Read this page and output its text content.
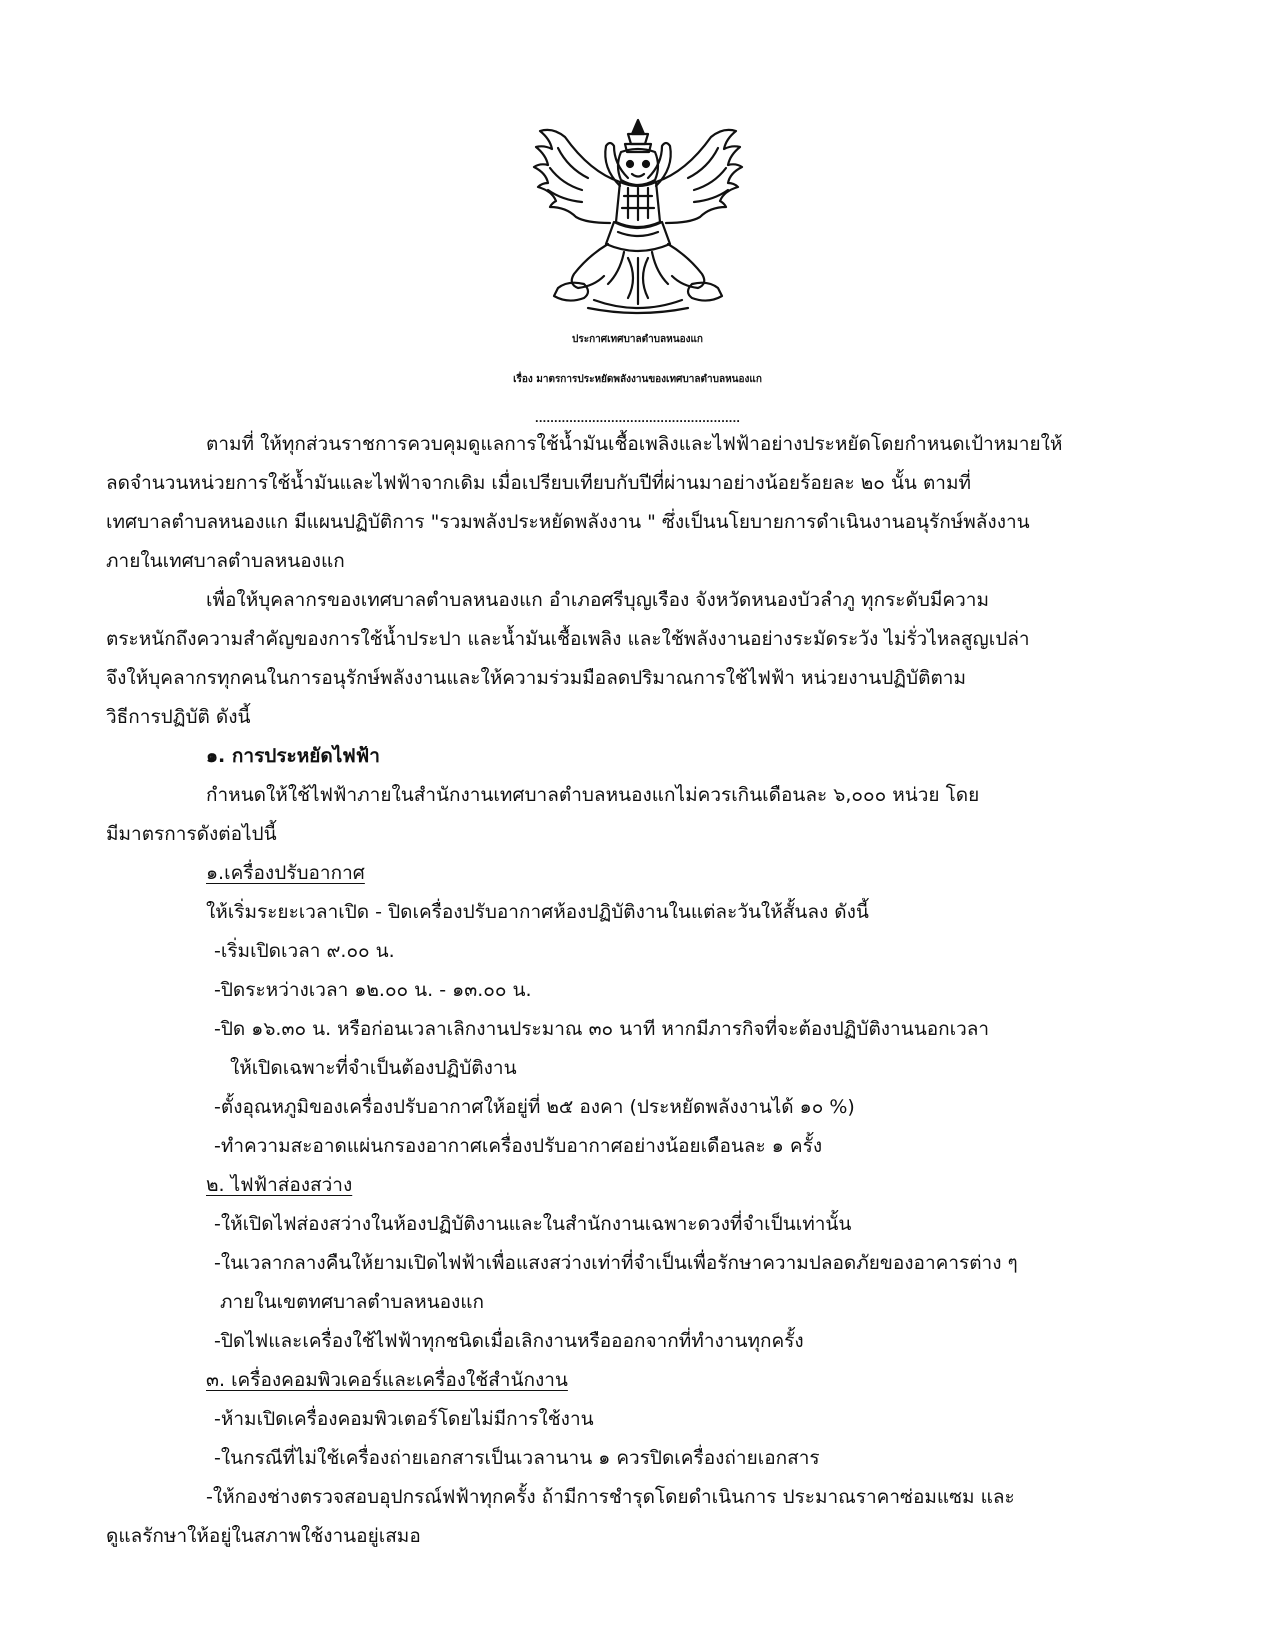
ประกาศเทศบาลตำบลหนองแก
เรื่อง มาตรการประหยัดพลังงานของเทศบาลตำบลหนองแก
......................................................
ตามที่ ให้ทุกส่วนราชการควบคุมดูแลการใช้น้ำมันเชื้อเพลิงและไฟฟ้าอย่างประหยัดโดยกำหนดเป้าหมายให้
ลดจำนวนหน่วยการใช้น้ำมันและไฟฟ้าจากเดิม เมื่อเปรียบเทียบกับปีที่ผ่านมาอย่างน้อยร้อยละ ๒๐ นั้น ตามที่
เทศบาลตำบลหนองแก มีแผนปฏิบัติการ "รวมพลังประหยัดพลังงาน " ซึ่งเป็นนโยบายการดำเนินงานอนุรักษ์พลังงาน
ภายในเทศบาลตำบลหนองแก
เพื่อให้บุคลากรของเทศบาลตำบลหนองแก อำเภอศรีบุญเรือง จังหวัดหนองบัวลำภู ทุกระดับมีความ
ตระหนักถึงความสำคัญของการใช้น้ำประปา และน้ำมันเชื้อเพลิง และใช้พลังงานอย่างระมัดระวัง ไม่รั่วไหลสูญเปล่า
จึงให้บุคลากรทุกคนในการอนุรักษ์พลังงานและให้ความร่วมมือลดปริมาณการใช้ไฟฟ้า หน่วยงานปฏิบัติตาม
วิธีการปฏิบัติ ดังนี้
๑. การประหยัดไฟฟ้า
กำหนดให้ใช้ไฟฟ้าภายในสำนักงานเทศบาลตำบลหนองแกไม่ควรเกินเดือนละ ๖,๐๐๐ หน่วย โดย
มีมาตรการดังต่อไปนี้
๑.เครื่องปรับอากาศ
ให้เริ่มระยะเวลาเปิด - ปิดเครื่องปรับอากาศห้องปฏิบัติงานในแต่ละวันให้สั้นลง ดังนี้
-เริ่มเปิดเวลา ๙.๐๐ น.
-ปิดระหว่างเวลา ๑๒.๐๐ น. - ๑๓.๐๐ น.
-ปิด ๑๖.๓๐ น. หรือก่อนเวลาเลิกงานประมาณ ๓๐ นาที หากมีภารกิจที่จะต้องปฏิบัติงานนอกเวลา
ให้เปิดเฉพาะที่จำเป็นต้องปฏิบัติงาน
-ตั้งอุณหภูมิของเครื่องปรับอากาศให้อยู่ที่ ๒๕ องคา (ประหยัดพลังงานได้ ๑๐ %)
-ทำความสะอาดแผ่นกรองอากาศเครื่องปรับอากาศอย่างน้อยเดือนละ ๑ ครั้ง
๒. ไฟฟ้าส่องสว่าง
-ให้เปิดไฟส่องสว่างในห้องปฏิบัติงานและในสำนักงานเฉพาะดวงที่จำเป็นเท่านั้น
-ในเวลากลางคืนให้ยามเปิดไฟฟ้าเพื่อแสงสว่างเท่าที่จำเป็นเพื่อรักษาความปลอดภัยของอาคารต่าง ๆ
ภายในเขตทศบาลตำบลหนองแก
-ปิดไฟและเครื่องใช้ไฟฟ้าทุกชนิดเมื่อเลิกงานหรือออกจากที่ทำงานทุกครั้ง
๓. เครื่องคอมพิวเคอร์และเครื่องใช้สำนักงาน
-ห้ามเปิดเครื่องคอมพิวเตอร์โดยไม่มีการใช้งาน
-ในกรณีที่ไม่ใช้เครื่องถ่ายเอกสารเป็นเวลานาน ๑ ควรปิดเครื่องถ่ายเอกสาร
-ให้กองช่างตรวจสอบอุปกรณ์ฟฟ้าทุกครั้ง ถ้ามีการชำรุดโดยดำเนินการ ประมาณราคาซ่อมแซม และ
ดูแลรักษาให้อยู่ในสภาพใช้งานอยู่เสมอ
